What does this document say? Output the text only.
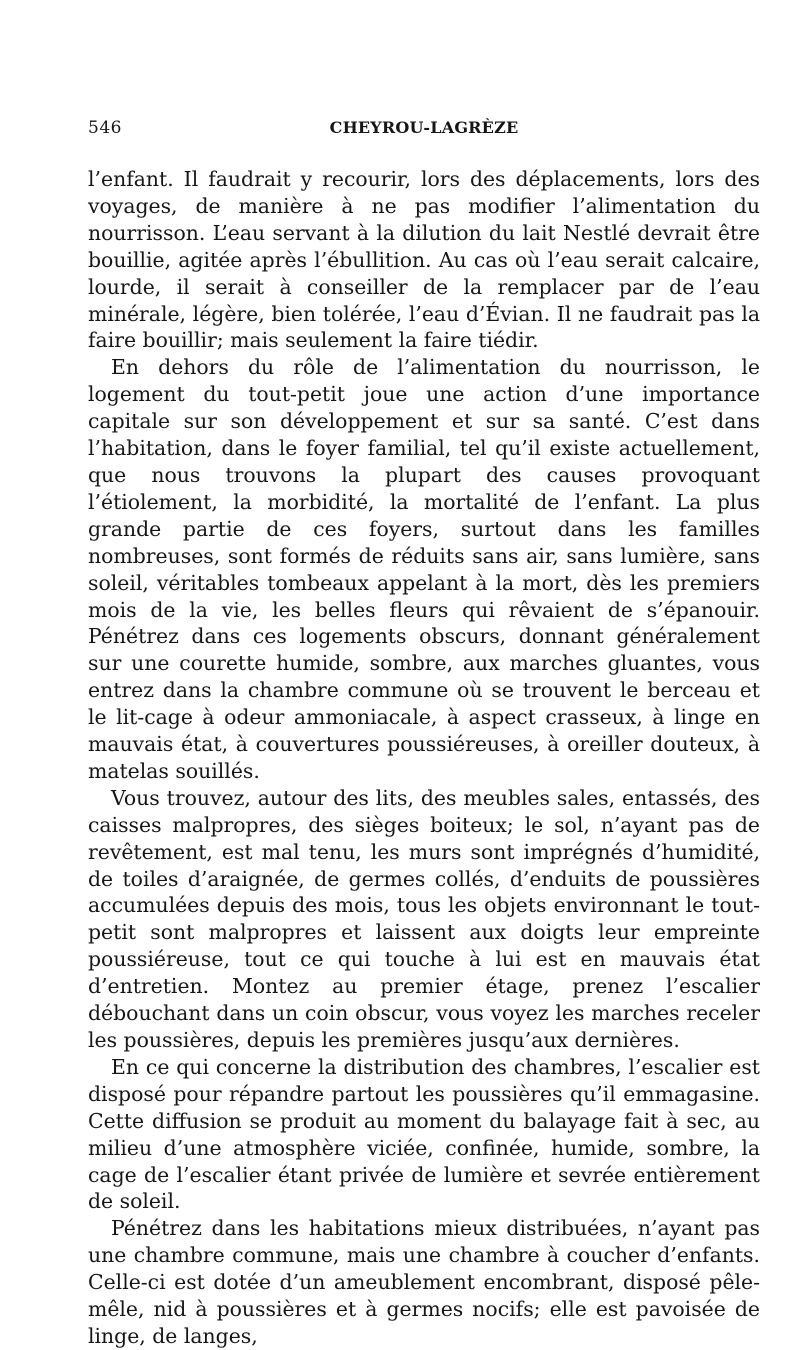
546	CHEYROU-LAGRÈZE

l’enfant. Il faudrait y recourir, lors des déplacements, lors des voyages, de manière à ne pas modifier l’alimentation du nourrisson. L’eau servant à la dilution du lait Nestlé devrait être bouillie, agitée après l’ébullition. Au cas où l’eau serait calcaire, lourde, il serait à conseiller de la remplacer par de l’eau minérale, légère, bien tolérée, l’eau d’Évian. Il ne faudrait pas la faire bouillir; mais seulement la faire tiédir.

En dehors du rôle de l’alimentation du nourrisson, le logement du tout-petit joue une action d’une importance capitale sur son développement et sur sa santé. C’est dans l’habitation, dans le foyer familial, tel qu’il existe actuellement, que nous trouvons la plupart des causes provoquant l’étiolement, la morbidité, la mortalité de l’enfant. La plus grande partie de ces foyers, surtout dans les familles nombreuses, sont formés de réduits sans air, sans lumière, sans soleil, véritables tombeaux appelant à la mort, dès les premiers mois de la vie, les belles fleurs qui rêvaient de s’épanouir. Pénétrez dans ces logements obscurs, donnant généralement sur une courette humide, sombre, aux marches gluantes, vous entrez dans la chambre commune où se trouvent le berceau et le lit-cage à odeur ammoniacale, à aspect crasseux, à linge en mauvais état, à couvertures poussiéreuses, à oreiller douteux, à matelas souillés.

Vous trouvez, autour des lits, des meubles sales, entassés, des caisses malpropres, des sièges boiteux; le sol, n’ayant pas de revêtement, est mal tenu, les murs sont imprégnés d’humidité, de toiles d’araignée, de germes collés, d’enduits de poussières accumulées depuis des mois, tous les objets environnant le tout-petit sont malpropres et laissent aux doigts leur empreinte poussiéreuse, tout ce qui touche à lui est en mauvais état d’entretien. Montez au premier étage, prenez l’escalier débouchant dans un coin obscur, vous voyez les marches receler les poussières, depuis les premières jusqu’aux dernières.

En ce qui concerne la distribution des chambres, l’escalier est disposé pour répandre partout les poussières qu’il emmagasine. Cette diffusion se produit au moment du balayage fait à sec, au milieu d’une atmosphère viciée, confinée, humide, sombre, la cage de l’escalier étant privée de lumière et sevrée entièrement de soleil.

Pénétrez dans les habitations mieux distribuées, n’ayant pas une chambre commune, mais une chambre à coucher d’enfants. Celle-ci est dotée d’un ameublement encombrant, disposé pêle-mêle, nid à poussières et à germes nocifs; elle est pavoisée de linge, de langes,
